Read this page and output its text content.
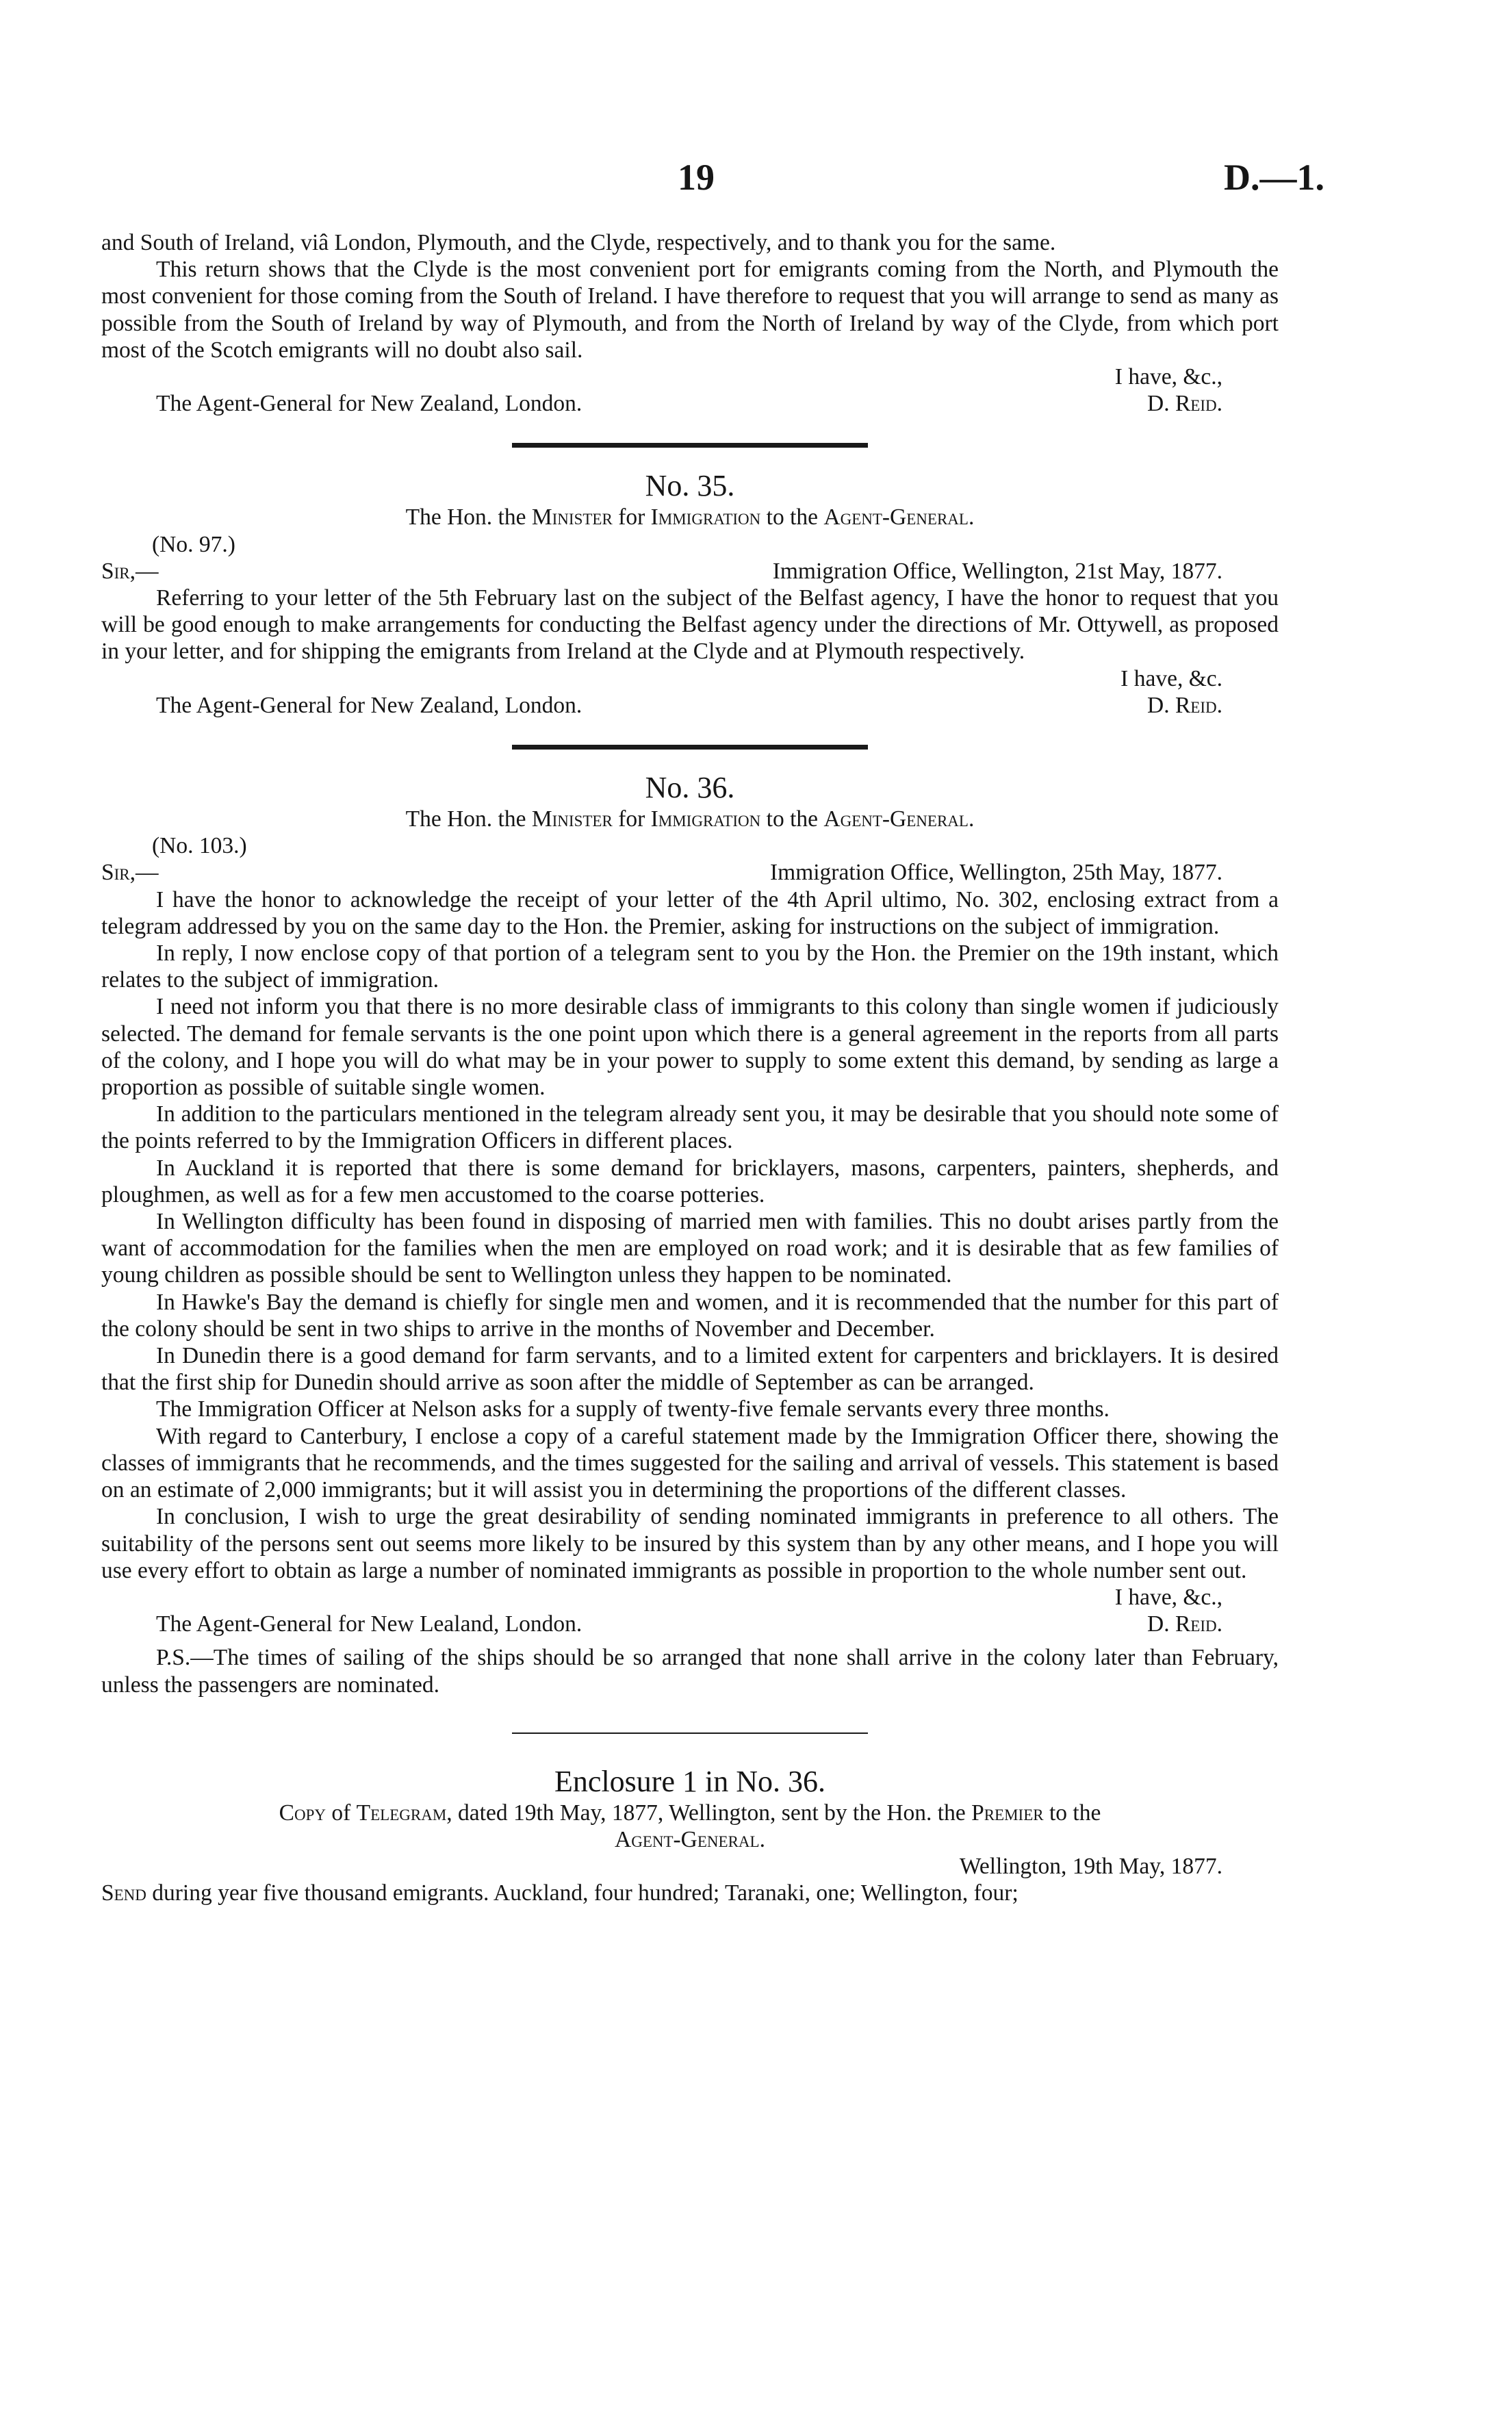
19	D.—1.

and South of Ireland, viâ London, Plymouth, and the Clyde, respectively, and to thank you for the same.

This return shows that the Clyde is the most convenient port for emigrants coming from the North, and Plymouth the most convenient for those coming from the South of Ireland. I have therefore to request that you will arrange to send as many as possible from the South of Ireland by way of Plymouth, and from the North of Ireland by way of the Clyde, from which port most of the Scotch emigrants will no doubt also sail.

I have, &c.,

The Agent-General for New Zealand, London.	D. Reid.

No. 35.

The Hon. the Minister for Immigration to the Agent-General.

(No. 97.)

Sir,—	Immigration Office, Wellington, 21st May, 1877.

Referring to your letter of the 5th February last on the subject of the Belfast agency, I have the honor to request that you will be good enough to make arrangements for conducting the Belfast agency under the directions of Mr. Ottywell, as proposed in your letter, and for shipping the emigrants from Ireland at the Clyde and at Plymouth respectively.

I have, &c.

The Agent-General for New Zealand, London.	D. Reid.

No. 36.

The Hon. the Minister for Immigration to the Agent-General.

(No. 103.)

Sir,—	Immigration Office, Wellington, 25th May, 1877.

I have the honor to acknowledge the receipt of your letter of the 4th April ultimo, No. 302, enclosing extract from a telegram addressed by you on the same day to the Hon. the Premier, asking for instructions on the subject of immigration.

In reply, I now enclose copy of that portion of a telegram sent to you by the Hon. the Premier on the 19th instant, which relates to the subject of immigration.

I need not inform you that there is no more desirable class of immigrants to this colony than single women if judiciously selected. The demand for female servants is the one point upon which there is a general agreement in the reports from all parts of the colony, and I hope you will do what may be in your power to supply to some extent this demand, by sending as large a proportion as possible of suitable single women.

In addition to the particulars mentioned in the telegram already sent you, it may be desirable that you should note some of the points referred to by the Immigration Officers in different places.

In Auckland it is reported that there is some demand for bricklayers, masons, carpenters, painters, shepherds, and ploughmen, as well as for a few men accustomed to the coarse potteries.

In Wellington difficulty has been found in disposing of married men with families. This no doubt arises partly from the want of accommodation for the families when the men are employed on road work; and it is desirable that as few families of young children as possible should be sent to Wellington unless they happen to be nominated.

In Hawke's Bay the demand is chiefly for single men and women, and it is recommended that the number for this part of the colony should be sent in two ships to arrive in the months of November and December.

In Dunedin there is a good demand for farm servants, and to a limited extent for carpenters and bricklayers. It is desired that the first ship for Dunedin should arrive as soon after the middle of September as can be arranged.

The Immigration Officer at Nelson asks for a supply of twenty-five female servants every three months.

With regard to Canterbury, I enclose a copy of a careful statement made by the Immigration Officer there, showing the classes of immigrants that he recommends, and the times suggested for the sailing and arrival of vessels. This statement is based on an estimate of 2,000 immigrants; but it will assist you in determining the proportions of the different classes.

In conclusion, I wish to urge the great desirability of sending nominated immigrants in preference to all others. The suitability of the persons sent out seems more likely to be insured by this system than by any other means, and I hope you will use every effort to obtain as large a number of nominated immigrants as possible in proportion to the whole number sent out.

I have, &c.,

The Agent-General for New Lealand, London.	D. Reid.

P.S.—The times of sailing of the ships should be so arranged that none shall arrive in the colony later than February, unless the passengers are nominated.

Enclosure 1 in No. 36.

Copy of Telegram, dated 19th May, 1877, Wellington, sent by the Hon. the Premier to the
Agent-General.

Wellington, 19th May, 1877.

Send during year five thousand emigrants. Auckland, four hundred; Taranaki, one; Wellington, four;
